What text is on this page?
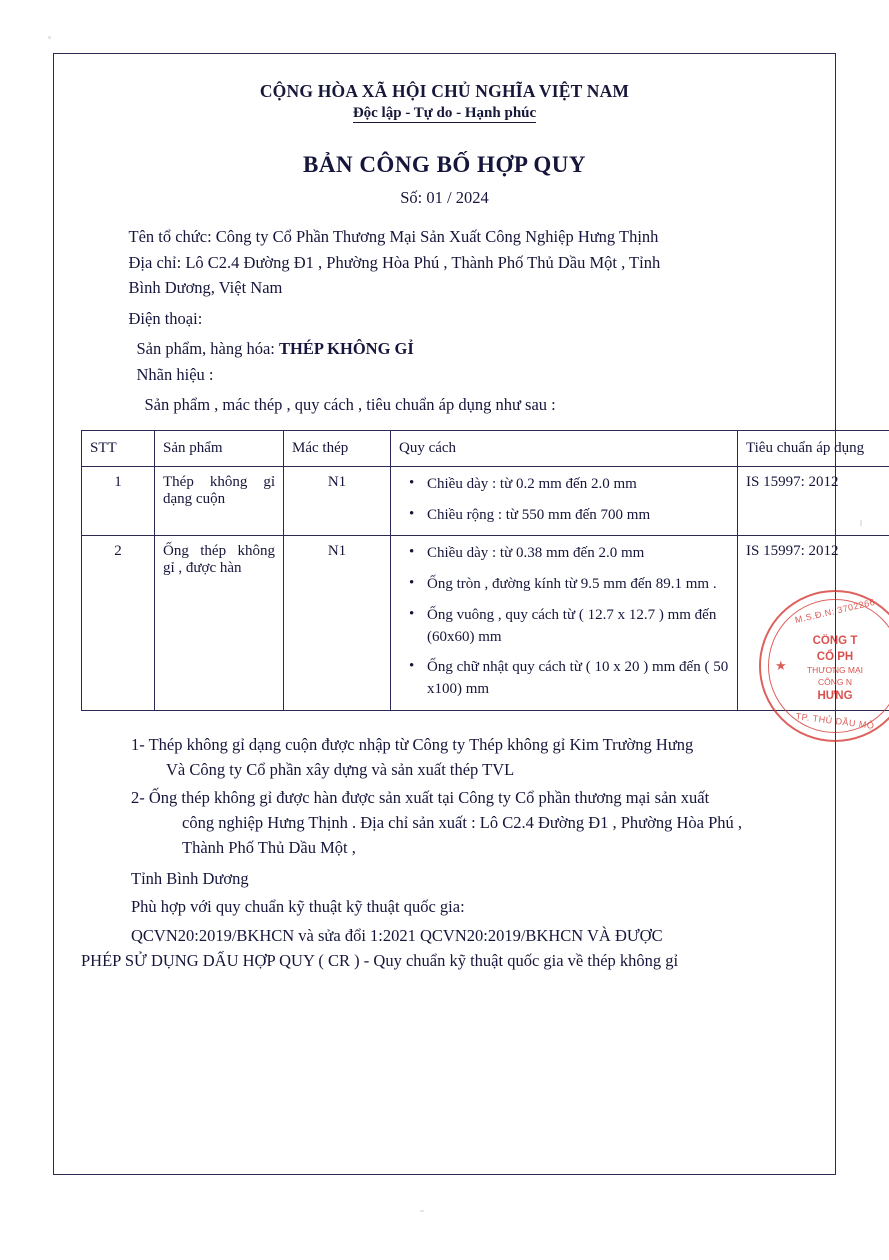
CỘNG HÒA XÃ HỘI CHỦ NGHĨA VIỆT NAM
Độc lập - Tự do - Hạnh phúc
BẢN CÔNG BỐ HỢP QUY
Số: 01 / 2024
Tên tổ chức: Công ty Cổ Phần Thương Mại Sản Xuất Công Nghiệp Hưng Thịnh
Địa chỉ: Lô C2.4 Đường Đ1 , Phường Hòa Phú , Thành Phố Thủ Dầu Một , Tỉnh
Bình Dương, Việt Nam
Điện thoại:
Sản phẩm, hàng hóa: THÉP KHÔNG GỈ
Nhãn hiệu :
Sản phẩm , mác thép , quy cách , tiêu chuẩn áp dụng như sau :
STT	Sản phẩm	Mác thép	Quy cách	Tiêu chuẩn áp dụng
1	Thép không gỉ dạng cuộn	N1	
•Chiều dày : từ 0.2 mm đến 2.0 mm
• Chiều rộng : từ 550 mm đến 700 mm
	IS 15997: 2012
2	Ống thép không gỉ , được hàn	N1	
•Chiều dày : từ 0.38 mm đến 2.0 mm
• Ống tròn , đường kính từ 9.5 mm đến 89.1 mm .
• Ống vuông , quy cách từ ( 12.7 x 12.7 ) mm đến (60x60) mm
• Ống chữ nhật quy cách từ ( 10 x 20 ) mm đến ( 50 x100) mm
	IS 15997: 2012
1- Thép không gỉ dạng cuộn được nhập từ Công ty Thép không gỉ Kim Trường Hưng
Và Công ty Cổ phần xây dựng và sản xuất thép TVL
2- Ống thép không gỉ được hàn được sản xuất tại Công ty Cổ phần thương mại sản xuất
công nghiệp Hưng Thịnh . Địa chỉ sản xuất : Lô C2.4 Đường Đ1 , Phường Hòa Phú ,
Thành Phố Thủ Dầu Một ,
Tỉnh Bình Dương
Phù hợp với quy chuẩn kỹ thuật kỹ thuật quốc gia:
QCVN20:2019/BKHCN và sửa đổi 1:2021 QCVN20:2019/BKHCN VÀ ĐƯỢC
PHÉP SỬ DỤNG DẤU HỢP QUY ( CR ) - Quy chuẩn kỹ thuật quốc gia về thép không gỉ
★
M.S.Đ.N: 3702266
CÔNG T
CỔ PH
THƯƠNG MẠI
CÔNG N
HƯNG
TP. THỦ DẦU MỘ
